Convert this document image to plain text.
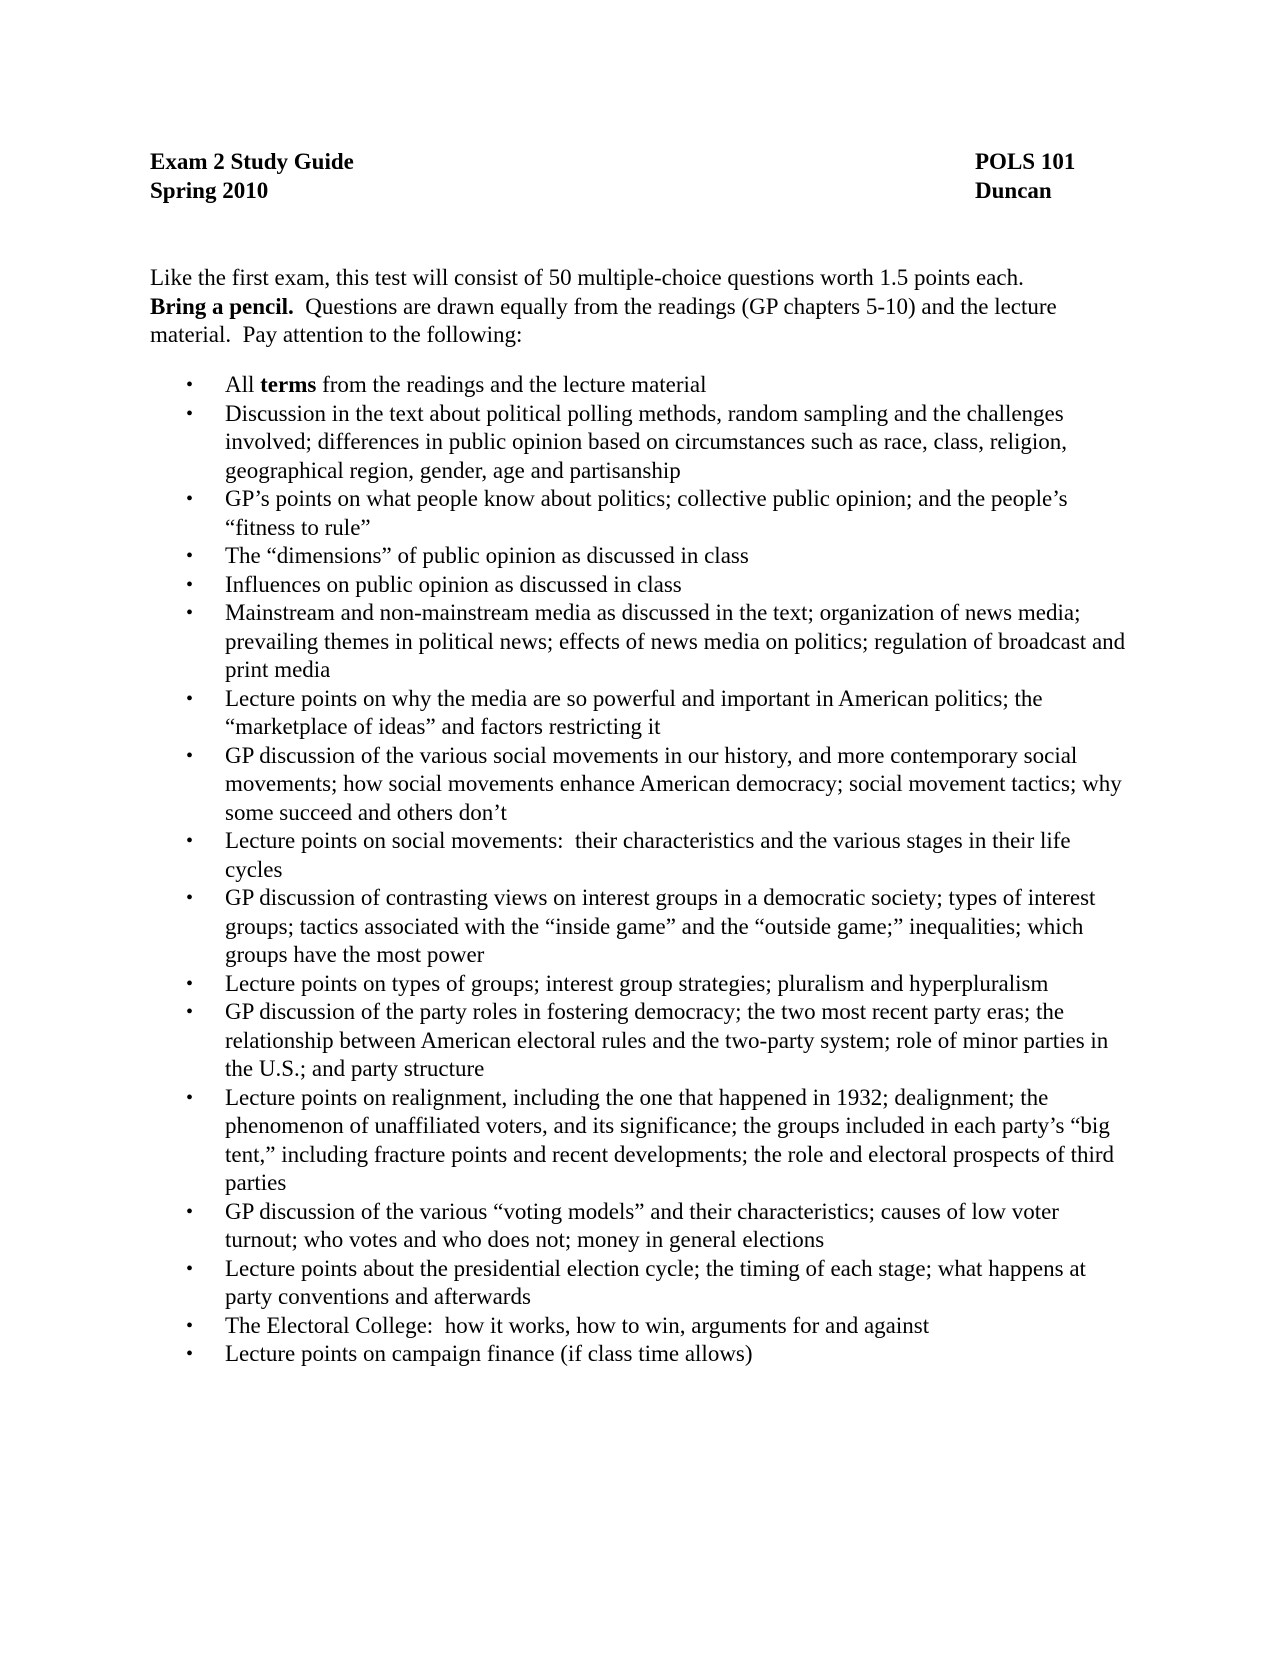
Exam 2 Study Guide	POLS 101
Spring 2010	Duncan

Like the first exam, this test will consist of 50 multiple-choice questions worth 1.5 points each.

Bring a pencil.  Questions are drawn equally from the readings (GP chapters 5-10) and the lecture material.  Pay attention to the following:

• All terms from the readings and the lecture material
• Discussion in the text about political polling methods, random sampling and the challenges involved; differences in public opinion based on circumstances such as race, class, religion, geographical region, gender, age and partisanship
• GP’s points on what people know about politics; collective public opinion; and the people’s “fitness to rule”
• The “dimensions” of public opinion as discussed in class
• Influences on public opinion as discussed in class
• Mainstream and non-mainstream media as discussed in the text; organization of news media; prevailing themes in political news; effects of news media on politics; regulation of broadcast and print media
• Lecture points on why the media are so powerful and important in American politics; the “marketplace of ideas” and factors restricting it
• GP discussion of the various social movements in our history, and more contemporary social movements; how social movements enhance American democracy; social movement tactics; why some succeed and others don’t
• Lecture points on social movements:  their characteristics and the various stages in their life cycles
• GP discussion of contrasting views on interest groups in a democratic society; types of interest groups; tactics associated with the “inside game” and the “outside game;” inequalities; which groups have the most power
• Lecture points on types of groups; interest group strategies; pluralism and hyperpluralism
• GP discussion of the party roles in fostering democracy; the two most recent party eras; the relationship between American electoral rules and the two-party system; role of minor parties in the U.S.; and party structure
• Lecture points on realignment, including the one that happened in 1932; dealignment; the phenomenon of unaffiliated voters, and its significance; the groups included in each party’s “big tent,” including fracture points and recent developments; the role and electoral prospects of third parties
• GP discussion of the various “voting models” and their characteristics; causes of low voter turnout; who votes and who does not; money in general elections
• Lecture points about the presidential election cycle; the timing of each stage; what happens at party conventions and afterwards
• The Electoral College:  how it works, how to win, arguments for and against
• Lecture points on campaign finance (if class time allows)
